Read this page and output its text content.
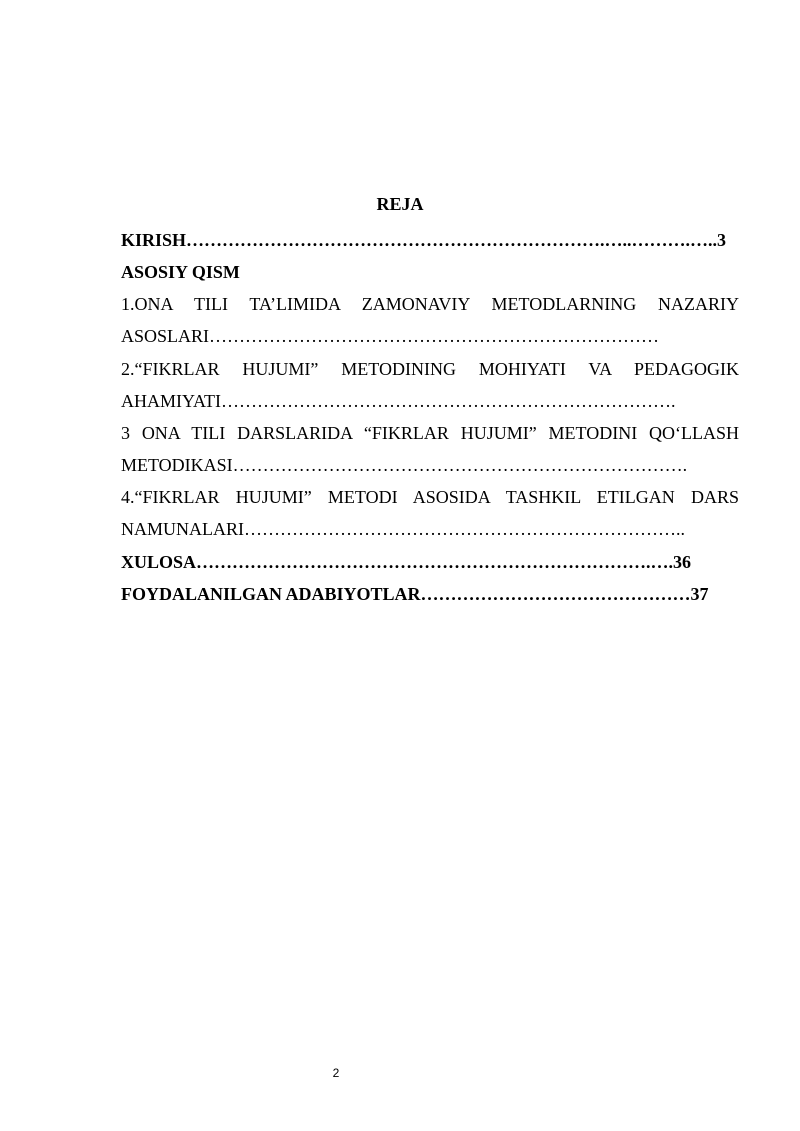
REJA
KIRISH…………………………………………………………….…..……….…..3
ASOSIY QISM
1.ONA TILI TA’LIMIDA ZAMONAVIY METODLARNING NAZARIY
ASOSLARI…………………………………………………………………
2.“FIKRLAR HUJUMI” METODINING MOHIYATI VA PEDAGOGIK
AHAMIYATI………………………………………………………………….
3 ONA TILI DARSLARIDA “FIKRLAR HUJUMI” METODINI QO‘LLASH
METODIKASI………………………………………………………………….
4.“FIKRLAR HUJUMI” METODI ASOSIDA TASHKIL ETILGAN DARS
NAMUNALARI………………………………………………………………..
XULOSA………………………………………………………………….….36
FOYDALANILGAN ADABIYOTLAR………………………………………37
2
